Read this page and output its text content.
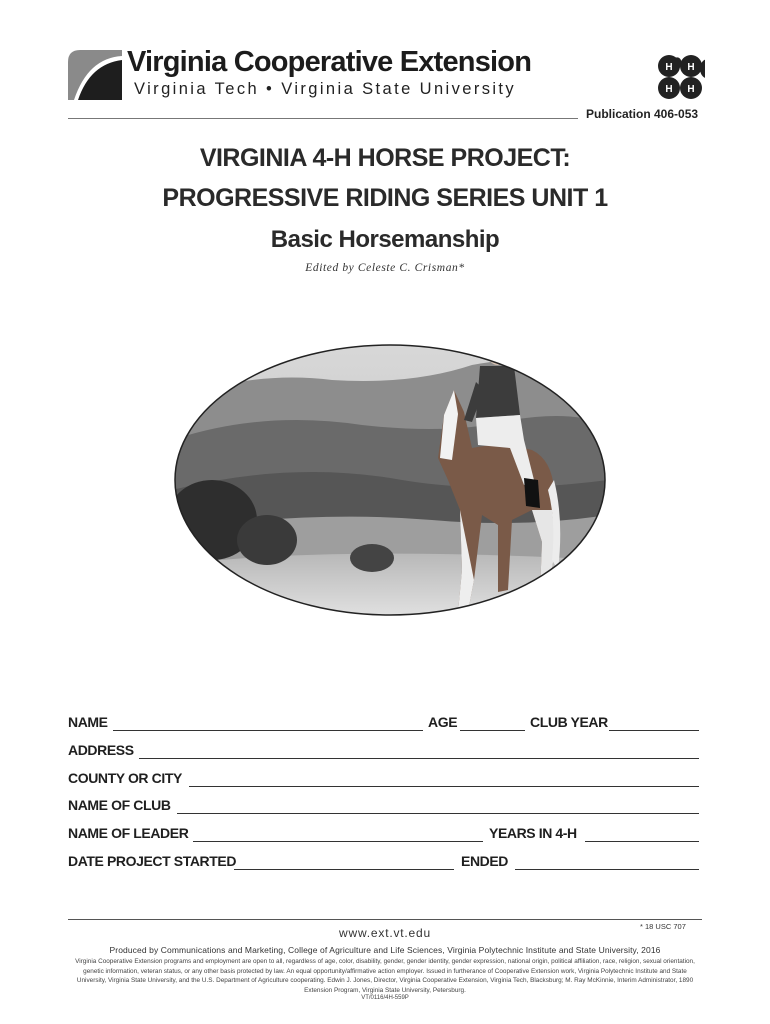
Virginia Cooperative Extension
Virginia Tech • Virginia State University
H H
H H
Publication 406-053
VIRGINIA 4-H HORSE PROJECT:
PROGRESSIVE RIDING SERIES UNIT 1
Basic Horsemanship
Edited by Celeste C. Crisman*
NAME	AGE	CLUB YEAR
ADDRESS
COUNTY OR CITY
NAME OF CLUB
NAME OF LEADER	YEARS IN 4-H
DATE PROJECT STARTED	ENDED
* 18 USC 707
www.ext.vt.edu
Produced by Communications and Marketing, College of Agriculture and Life Sciences, Virginia Polytechnic Institute and State University, 2016
Virginia Cooperative Extension programs and employment are open to all, regardless of age, color, disability, gender, gender identity, gender expression, national origin, political affiliation, race, religion, sexual orientation, genetic information, veteran status, or any other basis protected by law. An equal opportunity/affirmative action employer. Issued in furtherance of Cooperative Extension work, Virginia Polytechnic Institute and State University, Virginia State University, and the U.S. Department of Agriculture cooperating. Edwin J. Jones, Director, Virginia Cooperative Extension, Virginia Tech, Blacksburg; M. Ray McKinnie, Interim Administrator, 1890 Extension Program, Virginia State University, Petersburg.
VT/0116/4H-559P
